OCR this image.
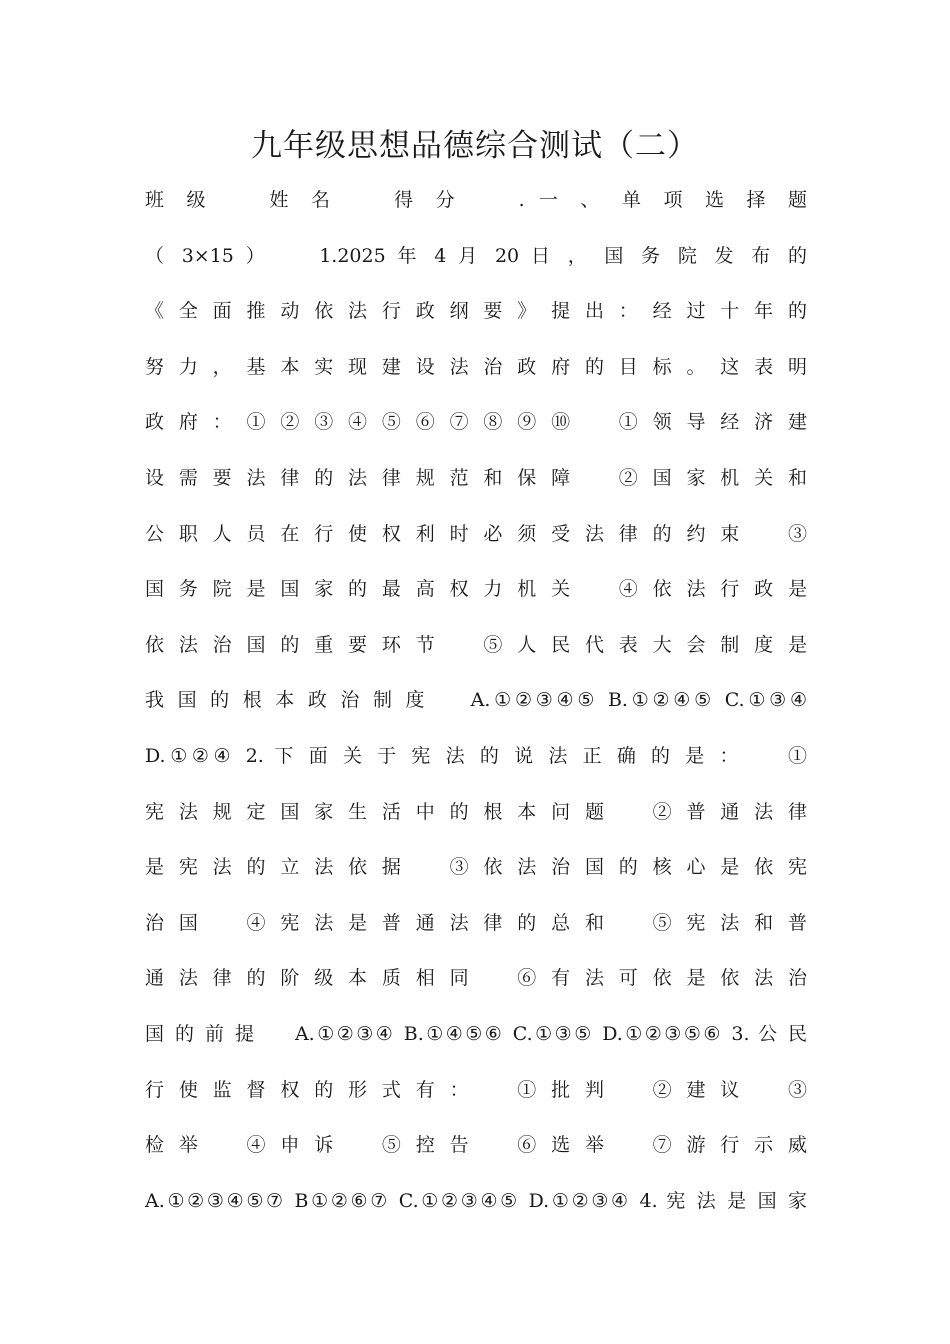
九年级思想品德综合测试（二）
班 级 　 姓 名 　 得 分 　 . 一 、 单 项 选 择 题
（ 3×15 ） 　 1.2025 年 4 月 20 日 ， 国 务 院 发 布 的
《 全 面 推 动 依 法 行 政 纲 要 》 提 出 ： 经 过 十 年 的
努 力 ， 基 本 实 现 建 设 法 治 政 府 的 目 标 。 这 表 明
政 府 ： ① ② ③ ④ ⑤ ⑥ ⑦ ⑧ ⑨ ⑩ 　 ① 领 导 经 济 建
设 需 要 法 律 的 法 律 规 范 和 保 障 　 ② 国 家 机 关 和
公 职 人 员 在 行 使 权 利 时 必 须 受 法 律 的 约 束 　 ③
国 务 院 是 国 家 的 最 高 权 力 机 关 　 ④ 依 法 行 政 是
依 法 治 国 的 重 要 环 节 　 ⑤ 人 民 代 表 大 会 制 度 是
我 国 的 根 本 政 治 制 度 　 A.①②③④⑤ B.①②④⑤ C.①③④
D.①②④ 2. 下 面 关 于 宪 法 的 说 法 正 确 的 是 ： 　 ①
宪 法 规 定 国 家 生 活 中 的 根 本 问 题 　 ② 普 通 法 律
是 宪 法 的 立 法 依 据 　 ③ 依 法 治 国 的 核 心 是 依 宪
治 国 　 ④ 宪 法 是 普 通 法 律 的 总 和 　 ⑤ 宪 法 和 普
通 法 律 的 阶 级 本 质 相 同 　 ⑥ 有 法 可 依 是 依 法 治
国 的 前 提 　 A.①②③④ B.①④⑤⑥ C.①③⑤ D.①②③⑤⑥ 3. 公 民
行 使 监 督 权 的 形 式 有 ： 　 ① 批 判 　 ② 建 议 　 ③
检 举 　 ④ 申 诉 　 ⑤ 控 告 　 ⑥ 选 举 　 ⑦ 游 行 示 威
A.①②③④⑤⑦ B①②⑥⑦ C.①②③④⑤ D.①②③④ 4. 宪 法 是 国 家
